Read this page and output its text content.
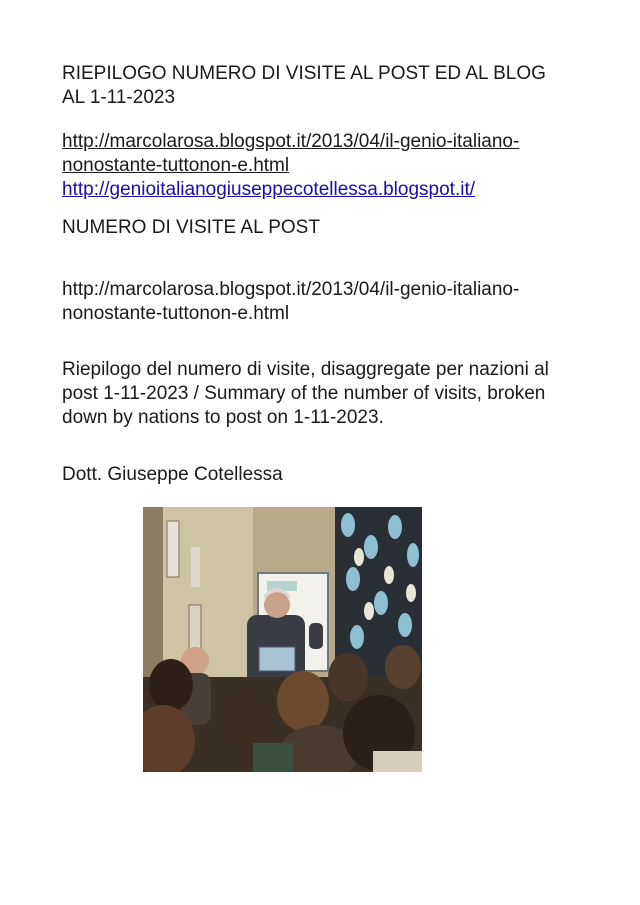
RIEPILOGO NUMERO DI VISITE AL POST ED AL BLOG
AL 1-11-2023

http://marcolarosa.blogspot.it/2013/04/il-genio-italiano-
nonostante-tuttonon-e.html
http://genioitalianogiuseppecotellessa.blogspot.it/

NUMERO DI VISITE AL POST

http://marcolarosa.blogspot.it/2013/04/il-genio-italiano-
nonostante-tuttonon-e.html

Riepilogo del numero di visite, disaggregate per nazioni al
post 1-11-2023 / Summary of the number of visits, broken
down by nations to post on 1-11-2023.

Dott. Giuseppe Cotellessa
